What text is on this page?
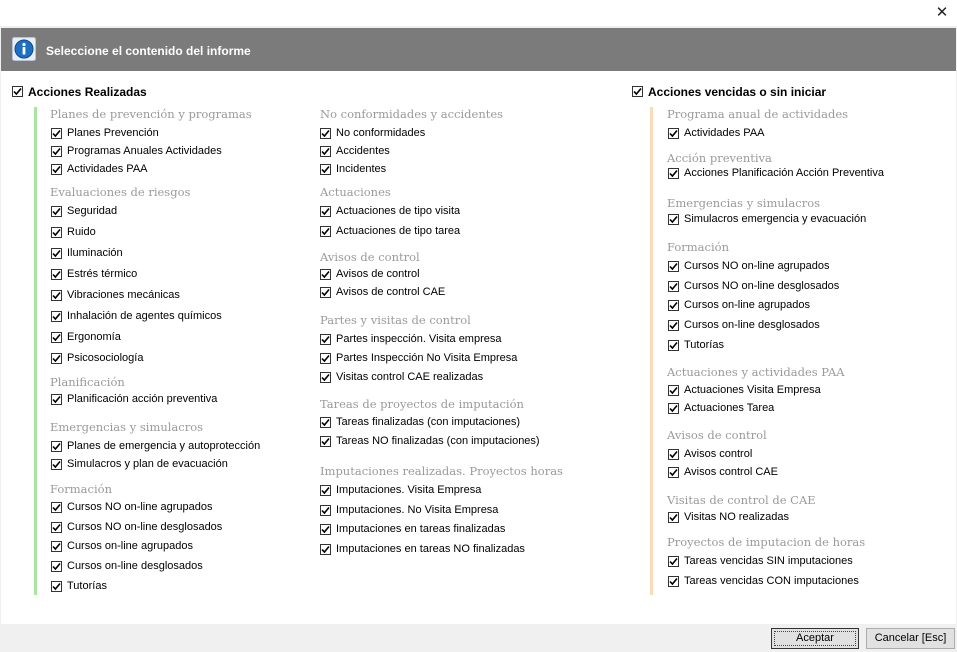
✕
Seleccione el contenido del informe
Acciones Realizadas	Acciones vencidas o sin iniciar
Planes de prevención y programas
Planes Prevención
Programas Anuales Actividades
Actividades PAA
Evaluaciones de riesgos
Seguridad
Ruido
Iluminación
Estrés térmico
Vibraciones mecánicas
Inhalación de agentes químicos
Ergonomía
Psicosociología
Planificación
Planificación acción preventiva
Emergencias y simulacros
Planes de emergencia y autoprotección
Simulacros y plan de evacuación
Formación
Cursos NO on-line agrupados
Cursos NO on-line desglosados
Cursos on-line agrupados
Cursos on-line desglosados
Tutorías
No conformidades y accidentes
No conformidades
Accidentes
Incidentes
Actuaciones
Actuaciones de tipo visita
Actuaciones de tipo tarea
Avisos de control
Avisos de control
Avisos de control CAE
Partes y visitas de control
Partes inspección. Visita empresa
Partes Inspección No Visita Empresa
Visitas control CAE realizadas
Tareas de proyectos de imputación
Tareas finalizadas (con imputaciones)
Tareas NO finalizadas (con imputaciones)
Imputaciones realizadas. Proyectos horas
Imputaciones. Visita Empresa
Imputaciones. No Visita Empresa
Imputaciones en tareas finalizadas
Imputaciones en tareas NO finalizadas
Programa anual de actividades
Actividades PAA
Acción preventiva
Acciones Planificación Acción Preventiva
Emergencias y simulacros
Simulacros emergencia y evacuación
Formación
Cursos NO on-line agrupados
Cursos NO on-line desglosados
Cursos on-line agrupados
Cursos on-line desglosados
Tutorías
Actuaciones y actividades PAA
Actuaciones Visita Empresa
Actuaciones Tarea
Avisos de control
Avisos control
Avisos control CAE
Visitas de control de CAE
Visitas NO realizadas
Proyectos de imputacion de horas
Tareas vencidas SIN imputaciones
Tareas vencidas CON imputaciones
Aceptar	Cancelar [Esc]
